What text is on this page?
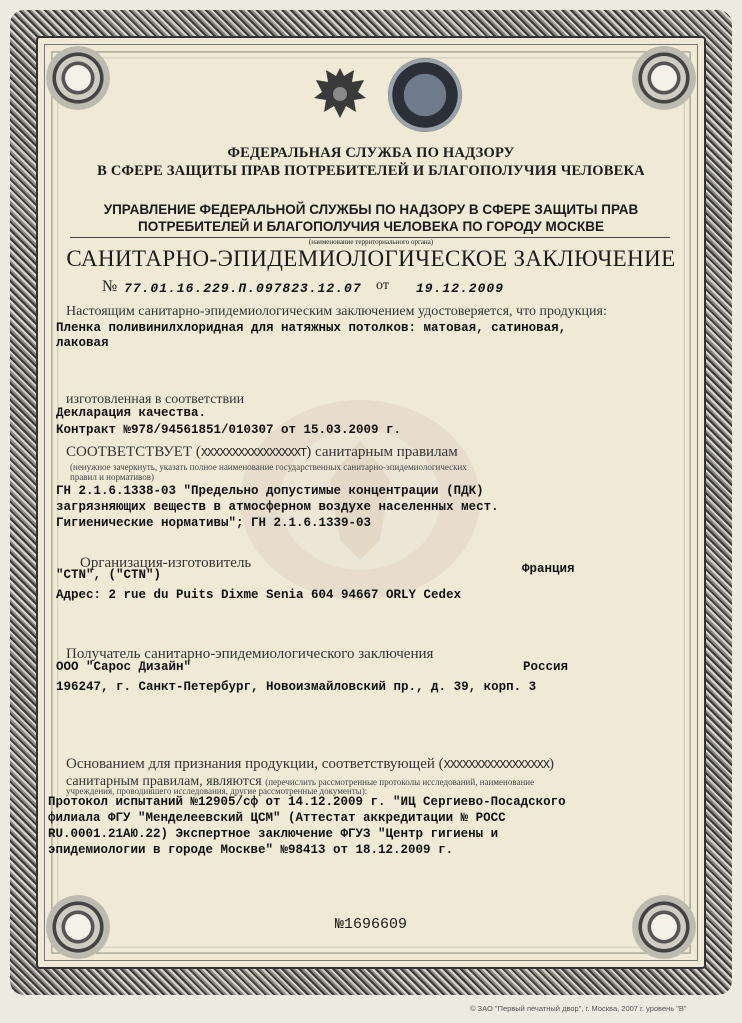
ФЕДЕРАЛЬНАЯ СЛУЖБА ПО НАДЗОРУ
В СФЕРЕ ЗАЩИТЫ ПРАВ ПОТРЕБИТЕЛЕЙ И БЛАГОПОЛУЧИЯ ЧЕЛОВЕКА
УПРАВЛЕНИЕ ФЕДЕРАЛЬНОЙ СЛУЖБЫ ПО НАДЗОРУ В СФЕРЕ ЗАЩИТЫ ПРАВ
ПОТРЕБИТЕЛЕЙ И БЛАГОПОЛУЧИЯ ЧЕЛОВЕКА ПО ГОРОДУ МОСКВЕ
(наименование территориального органа)
САНИТАРНО-ЭПИДЕМИОЛОГИЧЕСКОЕ ЗАКЛЮЧЕНИЕ
№ 77.01.16.229.П.097823.12.07 от 19.12.2009
Настоящим санитарно-эпидемиологическим заключением удостоверяется, что продукция:
Пленка поливинилхлоридная для натяжных потолков: матовая, сатиновая,
лаковая
изготовленная в соответствии
Декларация качества.
Контракт №978/94561851/010307 от 15.03.2009 г.
СООТВЕТСТВУЕТ (XXXXXXXXXXXXXXXXT) санитарным правилам
(ненужное зачеркнуть, указать полное наименование государственных санитарно-эпидемиологических
правил и нормативов)
ГН 2.1.6.1338-03 "Предельно допустимые концентрации (ПДК)
загрязняющих веществ в атмосферном воздухе населенных мест.
Гигиенические нормативы"; ГН 2.1.6.1339-03
Организация-изготовитель
"CTN", ("CTN")	Франция
Адрес: 2 rue du Puits Dixme Senia 604 94667 ORLY Cedex
Получатель санитарно-эпидемиологического заключения
ООО "Сарос Дизайн"	Россия
196247, г. Санкт-Петербург, Новоизмайловский пр., д. 39, корп. 3
Основанием для признания продукции, соответствующей (XXXXXXXXXXXXXXXXX)
санитарным правилам, являются (перечислить рассмотренные протоколы исследований, наименование
учреждения, проводившего исследования, другие рассмотренные документы):
Протокол испытаний №12905/сф от 14.12.2009 г. "ИЦ Сергиево-Посадского
филиала ФГУ "Менделеевский ЦСМ" (Аттестат аккредитации № РОСС
RU.0001.21АЮ.22) Экспертное заключение ФГУЗ "Центр гигиены и
эпидемиологии в городе Москве" №98413 от 18.12.2009 г.
№1696609
© ЗАО "Первый печатный двор", г. Москва, 2007 г. уровень "В"
